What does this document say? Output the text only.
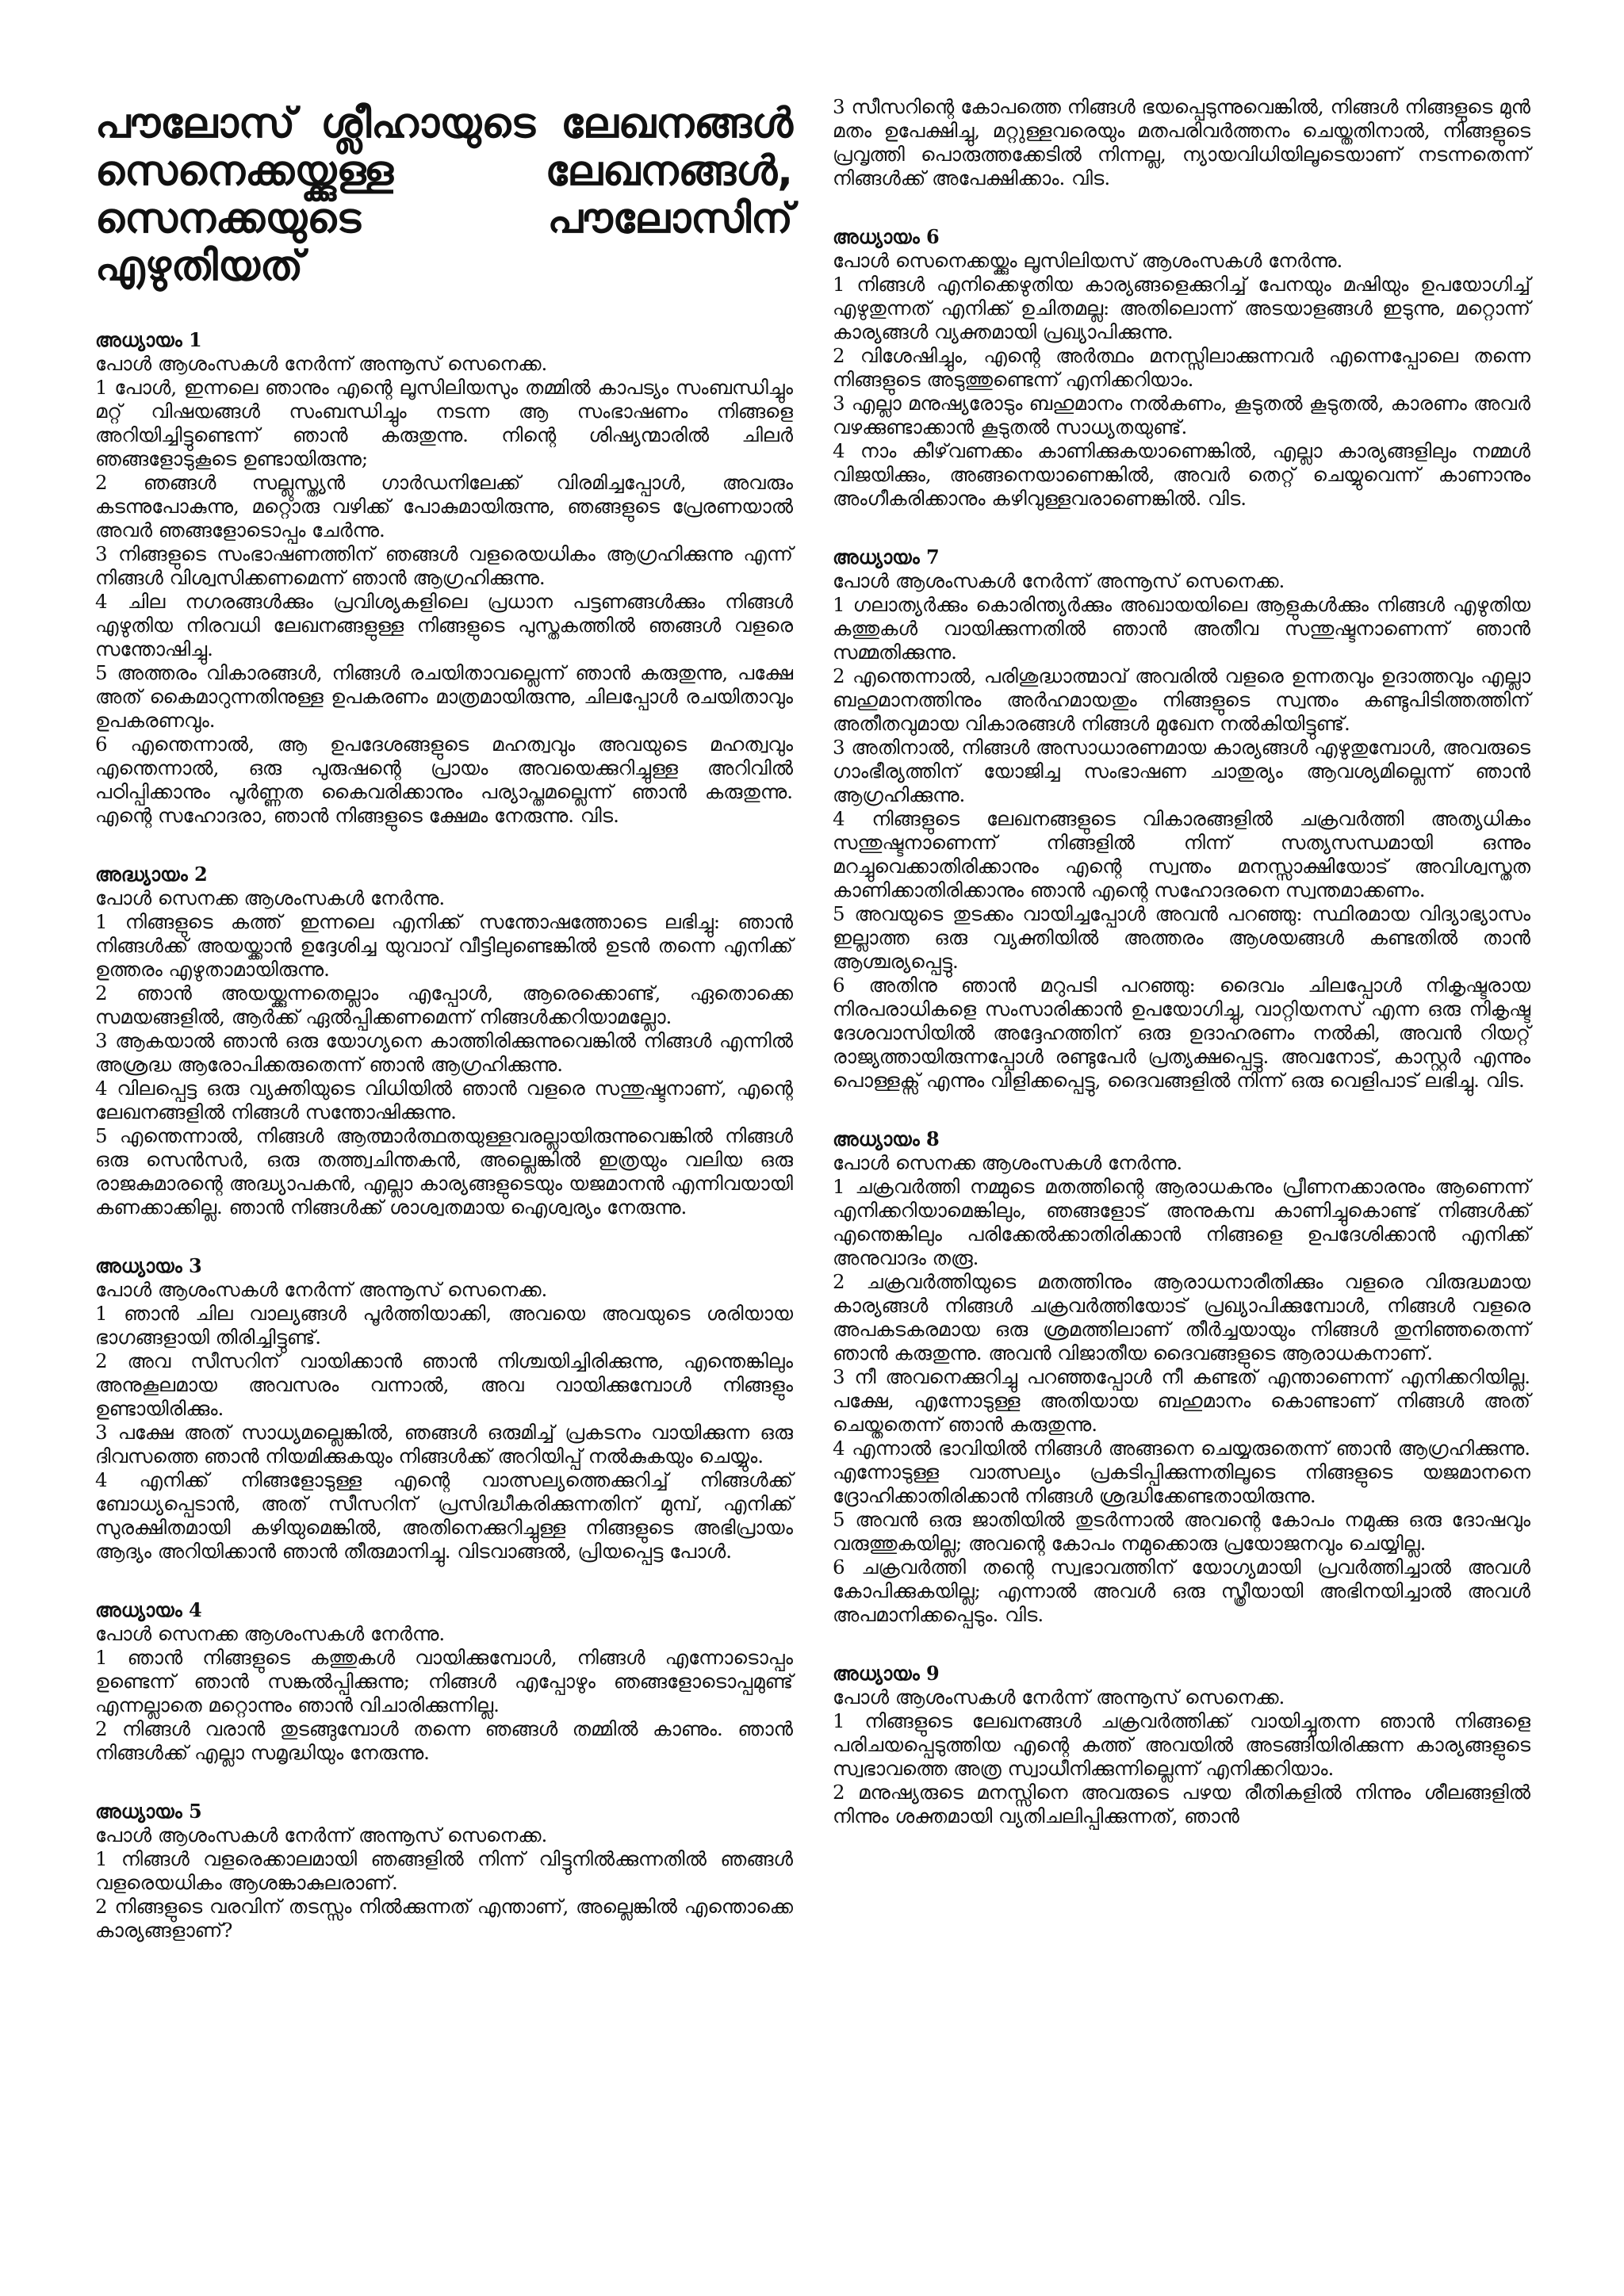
പൗലോസ് ശ്ലീഹായുടെ ലേഖനങ്ങൾ സെനെക്കയ്ക്കുള്ള ലേഖനങ്ങൾ, സെനക്കയുടെ പൗലോസിന് എഴുതിയത്

അധ്യായം 1

പോൾ ആശംസകൾ നേർന്ന് അന്നൂസ് സെനെക്ക.

1 പോൾ, ഇന്നലെ ഞാനും എന്റെ ലൂസിലിയസും തമ്മിൽ കാപട്യം സംബന്ധിച്ചും മറ്റ് വിഷയങ്ങൾ സംബന്ധിച്ചും നടന്ന ആ സംഭാഷണം നിങ്ങളെ അറിയിച്ചിട്ടുണ്ടെന്ന് ഞാൻ കരുതുന്നു. നിന്റെ ശിഷ്യന്മാരിൽ ചിലർ ഞങ്ങളോടുകൂടെ ഉണ്ടായിരുന്നു;

2 ഞങ്ങൾ സല്ലുസ്ത്യൻ ഗാർഡനിലേക്ക് വിരമിച്ചപ്പോൾ, അവരും കടന്നുപോകുന്നു, മറ്റൊരു വഴിക്ക് പോകുമായിരുന്നു, ഞങ്ങളുടെ പ്രേരണയാൽ അവർ ഞങ്ങളോടൊപ്പം ചേർന്നു.

3 നിങ്ങളുടെ സംഭാഷണത്തിന് ഞങ്ങൾ വളരെയധികം ആഗ്രഹിക്കുന്നു എന്ന് നിങ്ങൾ വിശ്വസിക്കണമെന്ന് ഞാൻ ആഗ്രഹിക്കുന്നു.

4 ചില നഗരങ്ങൾക്കും പ്രവിശ്യകളിലെ പ്രധാന പട്ടണങ്ങൾക്കും നിങ്ങൾ എഴുതിയ നിരവധി ലേഖനങ്ങളുള്ള നിങ്ങളുടെ പുസ്തകത്തിൽ ഞങ്ങൾ വളരെ സന്തോഷിച്ചു.

5 അത്തരം വികാരങ്ങൾ, നിങ്ങൾ രചയിതാവല്ലെന്ന് ഞാൻ കരുതുന്നു, പക്ഷേ അത് കൈമാറുന്നതിനുള്ള ഉപകരണം മാത്രമായിരുന്നു, ചിലപ്പോൾ രചയിതാവും ഉപകരണവും.

6 എന്തെന്നാൽ, ആ ഉപദേശങ്ങളുടെ മഹത്വവും അവയുടെ മഹത്വവും എന്തെന്നാൽ, ഒരു പുരുഷന്റെ പ്രായം അവയെക്കുറിച്ചുള്ള അറിവിൽ പഠിപ്പിക്കാനും പൂർണ്ണത കൈവരിക്കാനും പര്യാപ്തമല്ലെന്ന് ഞാൻ കരുതുന്നു. എന്റെ സഹോദരാ, ഞാൻ നിങ്ങളുടെ ക്ഷേമം നേരുന്നു. വിട.

അദ്ധ്യായം 2

പോൾ സെനക്ക ആശംസകൾ നേർന്നു.

1 നിങ്ങളുടെ കത്ത് ഇന്നലെ എനിക്ക് സന്തോഷത്തോടെ ലഭിച്ചു: ഞാൻ നിങ്ങൾക്ക് അയയ്ക്കാൻ ഉദ്ദേശിച്ച യുവാവ് വീട്ടിലുണ്ടെങ്കിൽ ഉടൻ തന്നെ എനിക്ക് ഉത്തരം എഴുതാമായിരുന്നു.

2 ഞാൻ അയയ്ക്കുന്നതെല്ലാം എപ്പോൾ, ആരെക്കൊണ്ട്, ഏതൊക്കെ സമയങ്ങളിൽ, ആർക്ക് ഏൽപ്പിക്കണമെന്ന് നിങ്ങൾക്കറിയാമല്ലോ.

3 ആകയാൽ ഞാൻ ഒരു യോഗ്യനെ കാത്തിരിക്കുന്നുവെങ്കിൽ നിങ്ങൾ എന്നിൽ അശ്രദ്ധ ആരോപിക്കരുതെന്ന് ഞാൻ ആഗ്രഹിക്കുന്നു.

4 വിലപ്പെട്ട ഒരു വ്യക്തിയുടെ വിധിയിൽ ഞാൻ വളരെ സന്തുഷ്ടനാണ്, എന്റെ ലേഖനങ്ങളിൽ നിങ്ങൾ സന്തോഷിക്കുന്നു.

5 എന്തെന്നാൽ, നിങ്ങൾ ആത്മാർത്ഥതയുള്ളവരല്ലായിരുന്നുവെങ്കിൽ നിങ്ങൾ ഒരു സെൻസർ, ഒരു തത്ത്വചിന്തകൻ, അല്ലെങ്കിൽ ഇത്രയും വലിയ ഒരു രാജകുമാരന്റെ അദ്ധ്യാപകൻ, എല്ലാ കാര്യങ്ങളുടെയും യജമാനൻ എന്നിവയായി കണക്കാക്കില്ല. ഞാൻ നിങ്ങൾക്ക് ശാശ്വതമായ ഐശ്വര്യം നേരുന്നു.

അധ്യായം 3

പോൾ ആശംസകൾ നേർന്ന് അന്നൂസ് സെനെക്ക.

1 ഞാൻ ചില വാല്യങ്ങൾ പൂർത്തിയാക്കി, അവയെ അവയുടെ ശരിയായ ഭാഗങ്ങളായി തിരിച്ചിട്ടുണ്ട്.

2 അവ സീസറിന് വായിക്കാൻ ഞാൻ നിശ്ചയിച്ചിരിക്കുന്നു, എന്തെങ്കിലും അനുകൂലമായ അവസരം വന്നാൽ, അവ വായിക്കുമ്പോൾ നിങ്ങളും ഉണ്ടായിരിക്കും.

3 പക്ഷേ അത് സാധ്യമല്ലെങ്കിൽ, ഞങ്ങൾ ഒരുമിച്ച് പ്രകടനം വായിക്കുന്ന ഒരു ദിവസത്തെ ഞാൻ നിയമിക്കുകയും നിങ്ങൾക്ക് അറിയിപ്പ് നൽകുകയും ചെയ്യും.

4 എനിക്ക് നിങ്ങളോടുള്ള എന്റെ വാത്സല്യത്തെക്കുറിച്ച് നിങ്ങൾക്ക് ബോധ്യപ്പെടാൻ, അത് സീസറിന് പ്രസിദ്ധീകരിക്കുന്നതിന് മുമ്പ്, എനിക്ക് സുരക്ഷിതമായി കഴിയുമെങ്കിൽ, അതിനെക്കുറിച്ചുള്ള നിങ്ങളുടെ അഭിപ്രായം ആദ്യം അറിയിക്കാൻ ഞാൻ തീരുമാനിച്ചു. വിടവാങ്ങൽ, പ്രിയപ്പെട്ട പോൾ.

അധ്യായം 4

പോൾ സെനക്ക ആശംസകൾ നേർന്നു.

1 ഞാൻ നിങ്ങളുടെ കത്തുകൾ വായിക്കുമ്പോൾ, നിങ്ങൾ എന്നോടൊപ്പം ഉണ്ടെന്ന് ഞാൻ സങ്കൽപ്പിക്കുന്നു; നിങ്ങൾ എപ്പോഴും ഞങ്ങളോടൊപ്പമുണ്ട് എന്നല്ലാതെ മറ്റൊന്നും ഞാൻ വിചാരിക്കുന്നില്ല.

2 നിങ്ങൾ വരാൻ തുടങ്ങുമ്പോൾ തന്നെ ഞങ്ങൾ തമ്മിൽ കാണും. ഞാൻ നിങ്ങൾക്ക് എല്ലാ സമൃദ്ധിയും നേരുന്നു.

അധ്യായം 5

പോൾ ആശംസകൾ നേർന്ന് അന്നൂസ് സെനെക്ക.

1 നിങ്ങൾ വളരെക്കാലമായി ഞങ്ങളിൽ നിന്ന് വിട്ടുനിൽക്കുന്നതിൽ ഞങ്ങൾ വളരെയധികം ആശങ്കാകുലരാണ്.

2 നിങ്ങളുടെ വരവിന് തടസ്സം നിൽക്കുന്നത് എന്താണ്, അല്ലെങ്കിൽ എന്തൊക്കെ കാര്യങ്ങളാണ്?

3 സീസറിന്റെ കോപത്തെ നിങ്ങൾ ഭയപ്പെടുന്നുവെങ്കിൽ, നിങ്ങൾ നിങ്ങളുടെ മുൻ മതം ഉപേക്ഷിച്ചു, മറ്റുള്ളവരെയും മതപരിവർത്തനം ചെയ്തതിനാൽ, നിങ്ങളുടെ പ്രവൃത്തി പൊരുത്തക്കേടിൽ നിന്നല്ല, ന്യായവിധിയിലൂടെയാണ് നടന്നതെന്ന് നിങ്ങൾക്ക് അപേക്ഷിക്കാം. വിട.

അധ്യായം 6

പോൾ സെനെക്കയ്ക്കും ലൂസിലിയസ് ആശംസകൾ നേർന്നു.

1 നിങ്ങൾ എനിക്കെഴുതിയ കാര്യങ്ങളെക്കുറിച്ച് പേനയും മഷിയും ഉപയോഗിച്ച് എഴുതുന്നത് എനിക്ക് ഉചിതമല്ല: അതിലൊന്ന് അടയാളങ്ങൾ ഇടുന്നു, മറ്റൊന്ന് കാര്യങ്ങൾ വ്യക്തമായി പ്രഖ്യാപിക്കുന്നു.

2 വിശേഷിച്ചും, എന്റെ അർത്ഥം മനസ്സിലാക്കുന്നവർ എന്നെപ്പോലെ തന്നെ നിങ്ങളുടെ അടുത്തുണ്ടെന്ന് എനിക്കറിയാം.

3 എല്ലാ മനുഷ്യരോടും ബഹുമാനം നൽകണം, കൂടുതൽ കൂടുതൽ, കാരണം അവർ വഴക്കുണ്ടാക്കാൻ കൂടുതൽ സാധ്യതയുണ്ട്.

4 നാം കീഴ്‌വണക്കം കാണിക്കുകയാണെങ്കിൽ, എല്ലാ കാര്യങ്ങളിലും നമ്മൾ വിജയിക്കും, അങ്ങനെയാണെങ്കിൽ, അവർ തെറ്റ് ചെയ്യുവെന്ന് കാണാനും അംഗീകരിക്കാനും കഴിവുള്ളവരാണെങ്കിൽ. വിട.

അധ്യായം 7

പോൾ ആശംസകൾ നേർന്ന് അന്നൂസ് സെനെക്ക.

1 ഗലാത്യർക്കും കൊരിന്ത്യർക്കും അഖായയിലെ ആളുകൾക്കും നിങ്ങൾ എഴുതിയ കത്തുകൾ വായിക്കുന്നതിൽ ഞാൻ അതീവ സന്തുഷ്ടനാണെന്ന് ഞാൻ സമ്മതിക്കുന്നു.

2 എന്തെന്നാൽ, പരിശുദ്ധാത്മാവ് അവരിൽ വളരെ ഉന്നതവും ഉദാത്തവും എല്ലാ ബഹുമാനത്തിനും അർഹമായതും നിങ്ങളുടെ സ്വന്തം കണ്ടുപിടിത്തത്തിന് അതീതവുമായ വികാരങ്ങൾ നിങ്ങൾ മുഖേന നൽകിയിട്ടുണ്ട്.

3 അതിനാൽ, നിങ്ങൾ അസാധാരണമായ കാര്യങ്ങൾ എഴുതുമ്പോൾ, അവരുടെ ഗാംഭീര്യത്തിന് യോജിച്ച സംഭാഷണ ചാതുര്യം ആവശ്യമില്ലെന്ന് ഞാൻ ആഗ്രഹിക്കുന്നു.

4 നിങ്ങളുടെ ലേഖനങ്ങളുടെ വികാരങ്ങളിൽ ചക്രവർത്തി അത്യധികം സന്തുഷ്ടനാണെന്ന് നിങ്ങളിൽ നിന്ന് സത്യസന്ധമായി ഒന്നും മറച്ചുവെക്കാതിരിക്കാനും എന്റെ സ്വന്തം മനസ്സാക്ഷിയോട് അവിശ്വസ്തത കാണിക്കാതിരിക്കാനും ഞാൻ എന്റെ സഹോദരനെ സ്വന്തമാക്കണം.

5 അവയുടെ തുടക്കം വായിച്ചപ്പോൾ അവൻ പറഞ്ഞു: സ്ഥിരമായ വിദ്യാഭ്യാസം ഇല്ലാത്ത ഒരു വ്യക്തിയിൽ അത്തരം ആശയങ്ങൾ കണ്ടതിൽ താൻ ആശ്ചര്യപ്പെട്ടു.

6 അതിനു ഞാൻ മറുപടി പറഞ്ഞു: ദൈവം ചിലപ്പോൾ നികൃഷ്ടരായ നിരപരാധികളെ സംസാരിക്കാൻ ഉപയോഗിച്ചു, വാറ്റിയനസ് എന്ന ഒരു നികൃഷ്ട ദേശവാസിയിൽ അദ്ദേഹത്തിന് ഒരു ഉദാഹരണം നൽകി, അവൻ റിയറ്റ് രാജ്യത്തായിരുന്നപ്പോൾ രണ്ടുപേർ പ്രത്യക്ഷപ്പെട്ടു. അവനോട്, കാസ്റ്റർ എന്നും പൊള്ളക്സ് എന്നും വിളിക്കപ്പെട്ടു, ദൈവങ്ങളിൽ നിന്ന് ഒരു വെളിപാട് ലഭിച്ചു. വിട.

അധ്യായം 8

പോൾ സെനക്ക ആശംസകൾ നേർന്നു.

1 ചക്രവർത്തി നമ്മുടെ മതത്തിന്റെ ആരാധകനും പ്രീണനക്കാരനും ആണെന്ന് എനിക്കറിയാമെങ്കിലും, ഞങ്ങളോട് അനുകമ്പ കാണിച്ചുകൊണ്ട് നിങ്ങൾക്ക് എന്തെങ്കിലും പരിക്കേൽക്കാതിരിക്കാൻ നിങ്ങളെ ഉപദേശിക്കാൻ എനിക്ക് അനുവാദം തരൂ.

2 ചക്രവർത്തിയുടെ മതത്തിനും ആരാധനാരീതിക്കും വളരെ വിരുദ്ധമായ കാര്യങ്ങൾ നിങ്ങൾ ചക്രവർത്തിയോട് പ്രഖ്യാപിക്കുമ്പോൾ, നിങ്ങൾ വളരെ അപകടകരമായ ഒരു ശ്രമത്തിലാണ് തീർച്ചയായും നിങ്ങൾ തുനിഞ്ഞതെന്ന് ഞാൻ കരുതുന്നു. അവൻ വിജാതീയ ദൈവങ്ങളുടെ ആരാധകനാണ്.

3 നീ അവനെക്കുറിച്ചു പറഞ്ഞപ്പോൾ നീ കണ്ടത് എന്താണെന്ന് എനിക്കറിയില്ല. പക്ഷേ, എന്നോടുള്ള അതിയായ ബഹുമാനം കൊണ്ടാണ് നിങ്ങൾ അത് ചെയ്തതെന്ന് ഞാൻ കരുതുന്നു.

4 എന്നാൽ ഭാവിയിൽ നിങ്ങൾ അങ്ങനെ ചെയ്യരുതെന്ന് ഞാൻ ആഗ്രഹിക്കുന്നു. എന്നോടുള്ള വാത്സല്യം പ്രകടിപ്പിക്കുന്നതിലൂടെ നിങ്ങളുടെ യജമാനനെ ദ്രോഹിക്കാതിരിക്കാൻ നിങ്ങൾ ശ്രദ്ധിക്കേണ്ടതായിരുന്നു.

5 അവൻ ഒരു ജാതിയിൽ തുടർന്നാൽ അവന്റെ കോപം നമുക്കു ഒരു ദോഷവും വരുത്തുകയില്ല; അവന്റെ കോപം നമുക്കൊരു പ്രയോജനവും ചെയ്യില്ല.

6 ചക്രവർത്തി തന്റെ സ്വഭാവത്തിന് യോഗ്യമായി പ്രവർത്തിച്ചാൽ അവൾ കോപിക്കുകയില്ല; എന്നാൽ അവൾ ഒരു സ്ത്രീയായി അഭിനയിച്ചാൽ അവൾ അപമാനിക്കപ്പെടും. വിട.

അധ്യായം 9

പോൾ ആശംസകൾ നേർന്ന് അന്നൂസ് സെനെക്ക.

1 നിങ്ങളുടെ ലേഖനങ്ങൾ ചക്രവർത്തിക്ക് വായിച്ചുതന്ന ഞാൻ നിങ്ങളെ പരിചയപ്പെടുത്തിയ എന്റെ കത്ത് അവയിൽ അടങ്ങിയിരിക്കുന്ന കാര്യങ്ങളുടെ സ്വഭാവത്തെ അത്ര സ്വാധീനിക്കുന്നില്ലെന്ന് എനിക്കറിയാം.

2 മനുഷ്യരുടെ മനസ്സിനെ അവരുടെ പഴയ രീതികളിൽ നിന്നും ശീലങ്ങളിൽ നിന്നും ശക്തമായി വ്യതിചലിപ്പിക്കുന്നത്, ഞാൻ
